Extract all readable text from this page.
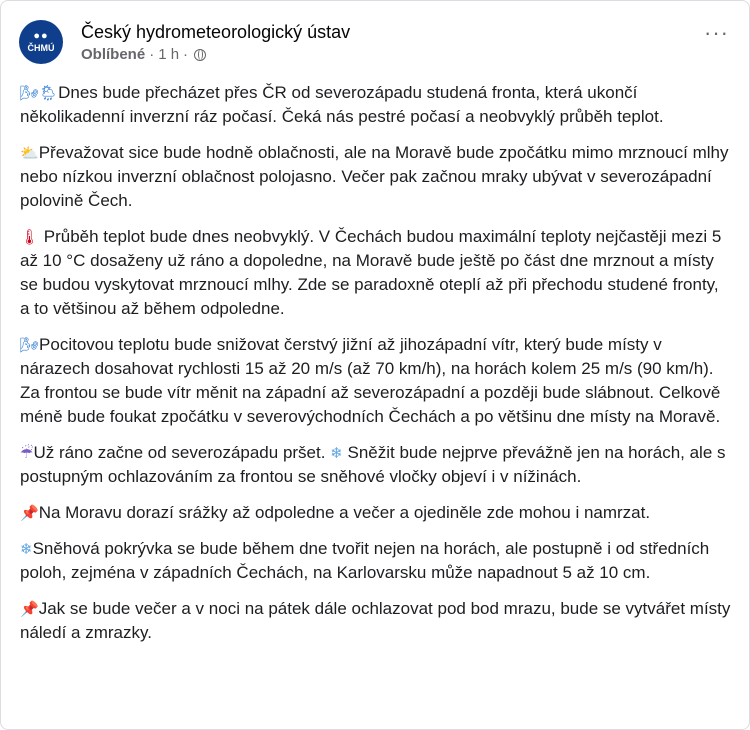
●●
ČHMÚ
Český hydrometeorologický ústav
Oblíbené · 1 h ·
···

🌬🌦Dnes bude přecházet přes ČR od severozápadu studená fronta, která ukončí několikadenní inverzní ráz počasí. Čeká nás pestré počasí a neobvyklý průběh teplot.

⛅Převažovat sice bude hodně oblačnosti, ale na Moravě bude zpočátku mimo mrznoucí mlhy nebo nízkou inverzní oblačnost polojasno. Večer pak začnou mraky ubývat v severozápadní polovině Čech.

🌡 Průběh teplot bude dnes neobvyklý. V Čechách budou maximální teploty nejčastěji mezi 5 až 10 °C dosaženy už ráno a dopoledne, na Moravě bude ještě po část dne mrznout a místy se budou vyskytovat mrznoucí mlhy. Zde se paradoxně oteplí až při přechodu studené fronty, a to většinou až během odpoledne.

🌬Pocitovou teplotu bude snižovat čerstvý jižní až jihozápadní vítr, který bude místy v nárazech dosahovat rychlosti 15 až 20 m/s (až 70 km/h), na horách kolem 25 m/s (90 km/h). Za frontou se bude vítr měnit na západní až severozápadní a později bude slábnout. Celkově méně bude foukat zpočátku v severovýchodních Čechách a po většinu dne místy na Moravě.

☔Už ráno začne od severozápadu pršet. ❄ Sněžit bude nejprve převážně jen na horách, ale s postupným ochlazováním za frontou se sněhové vločky objeví i v nížinách.

📌Na Moravu dorazí srážky až odpoledne a večer a ojediněle zde mohou i namrzat.

❄Sněhová pokrývka se bude během dne tvořit nejen na horách, ale postupně i od středních poloh, zejména v západních Čechách, na Karlovarsku může napadnout 5 až 10 cm.

📌Jak se bude večer a v noci na pátek dále ochlazovat pod bod mrazu, bude se vytvářet místy náledí a zmrazky.
